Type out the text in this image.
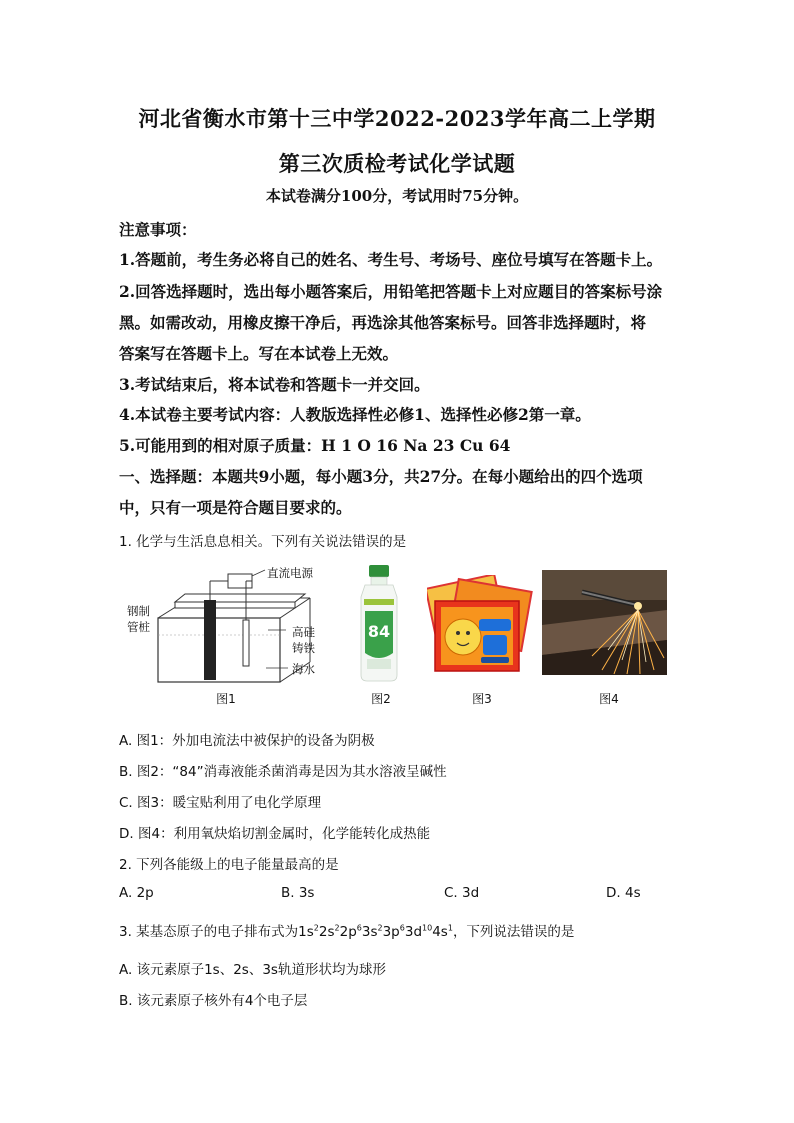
河北省衡水市第十三中学2022-2023学年高二上学期
第三次质检考试化学试题
本试卷满分100分，考试用时75分钟。
注意事项：
1.答题前，考生务必将自己的姓名、考生号、考场号、座位号填写在答题卡上。
2.回答选择题时，选出每小题答案后，用铅笔把答题卡上对应题目的答案标号涂
黑。如需改动，用橡皮擦干净后，再选涂其他答案标号。回答非选择题时，将
答案写在答题卡上。写在本试卷上无效。
3.考试结束后，将本试卷和答题卡一并交回。
4.本试卷主要考试内容：人教版选择性必修1、选择性必修2第一章。
5.可能用到的相对原子质量：H 1 O 16 Na 23 Cu 64
一、选择题：本题共9小题，每小题3分，共27分。在每小题给出的四个选项
中，只有一项是符合题目要求的。
1. 化学与生活息息相关。下列有关说法错误的是
直流电源
钢制
管桩	高硅
铸铁
海水
图1
84
图2	图3	图4
A. 图1：外加电流法中被保护的设备为阴极
B. 图2：“84”消毒液能杀菌消毒是因为其水溶液呈碱性
C. 图3：暖宝贴利用了电化学原理
D. 图4：利用氧炔焰切割金属时，化学能转化成热能
2. 下列各能级上的电子能量最高的是
A. 2p	B. 3s	C. 3d	D. 4s
3. 某基态原子的电子排布式为$1s^22s^22p^63s^23p^63d^{10}4s^1$，下列说法错误的是
A. 该元素原子1s、2s、3s轨道形状均为球形
B. 该元素原子核外有4个电子层
